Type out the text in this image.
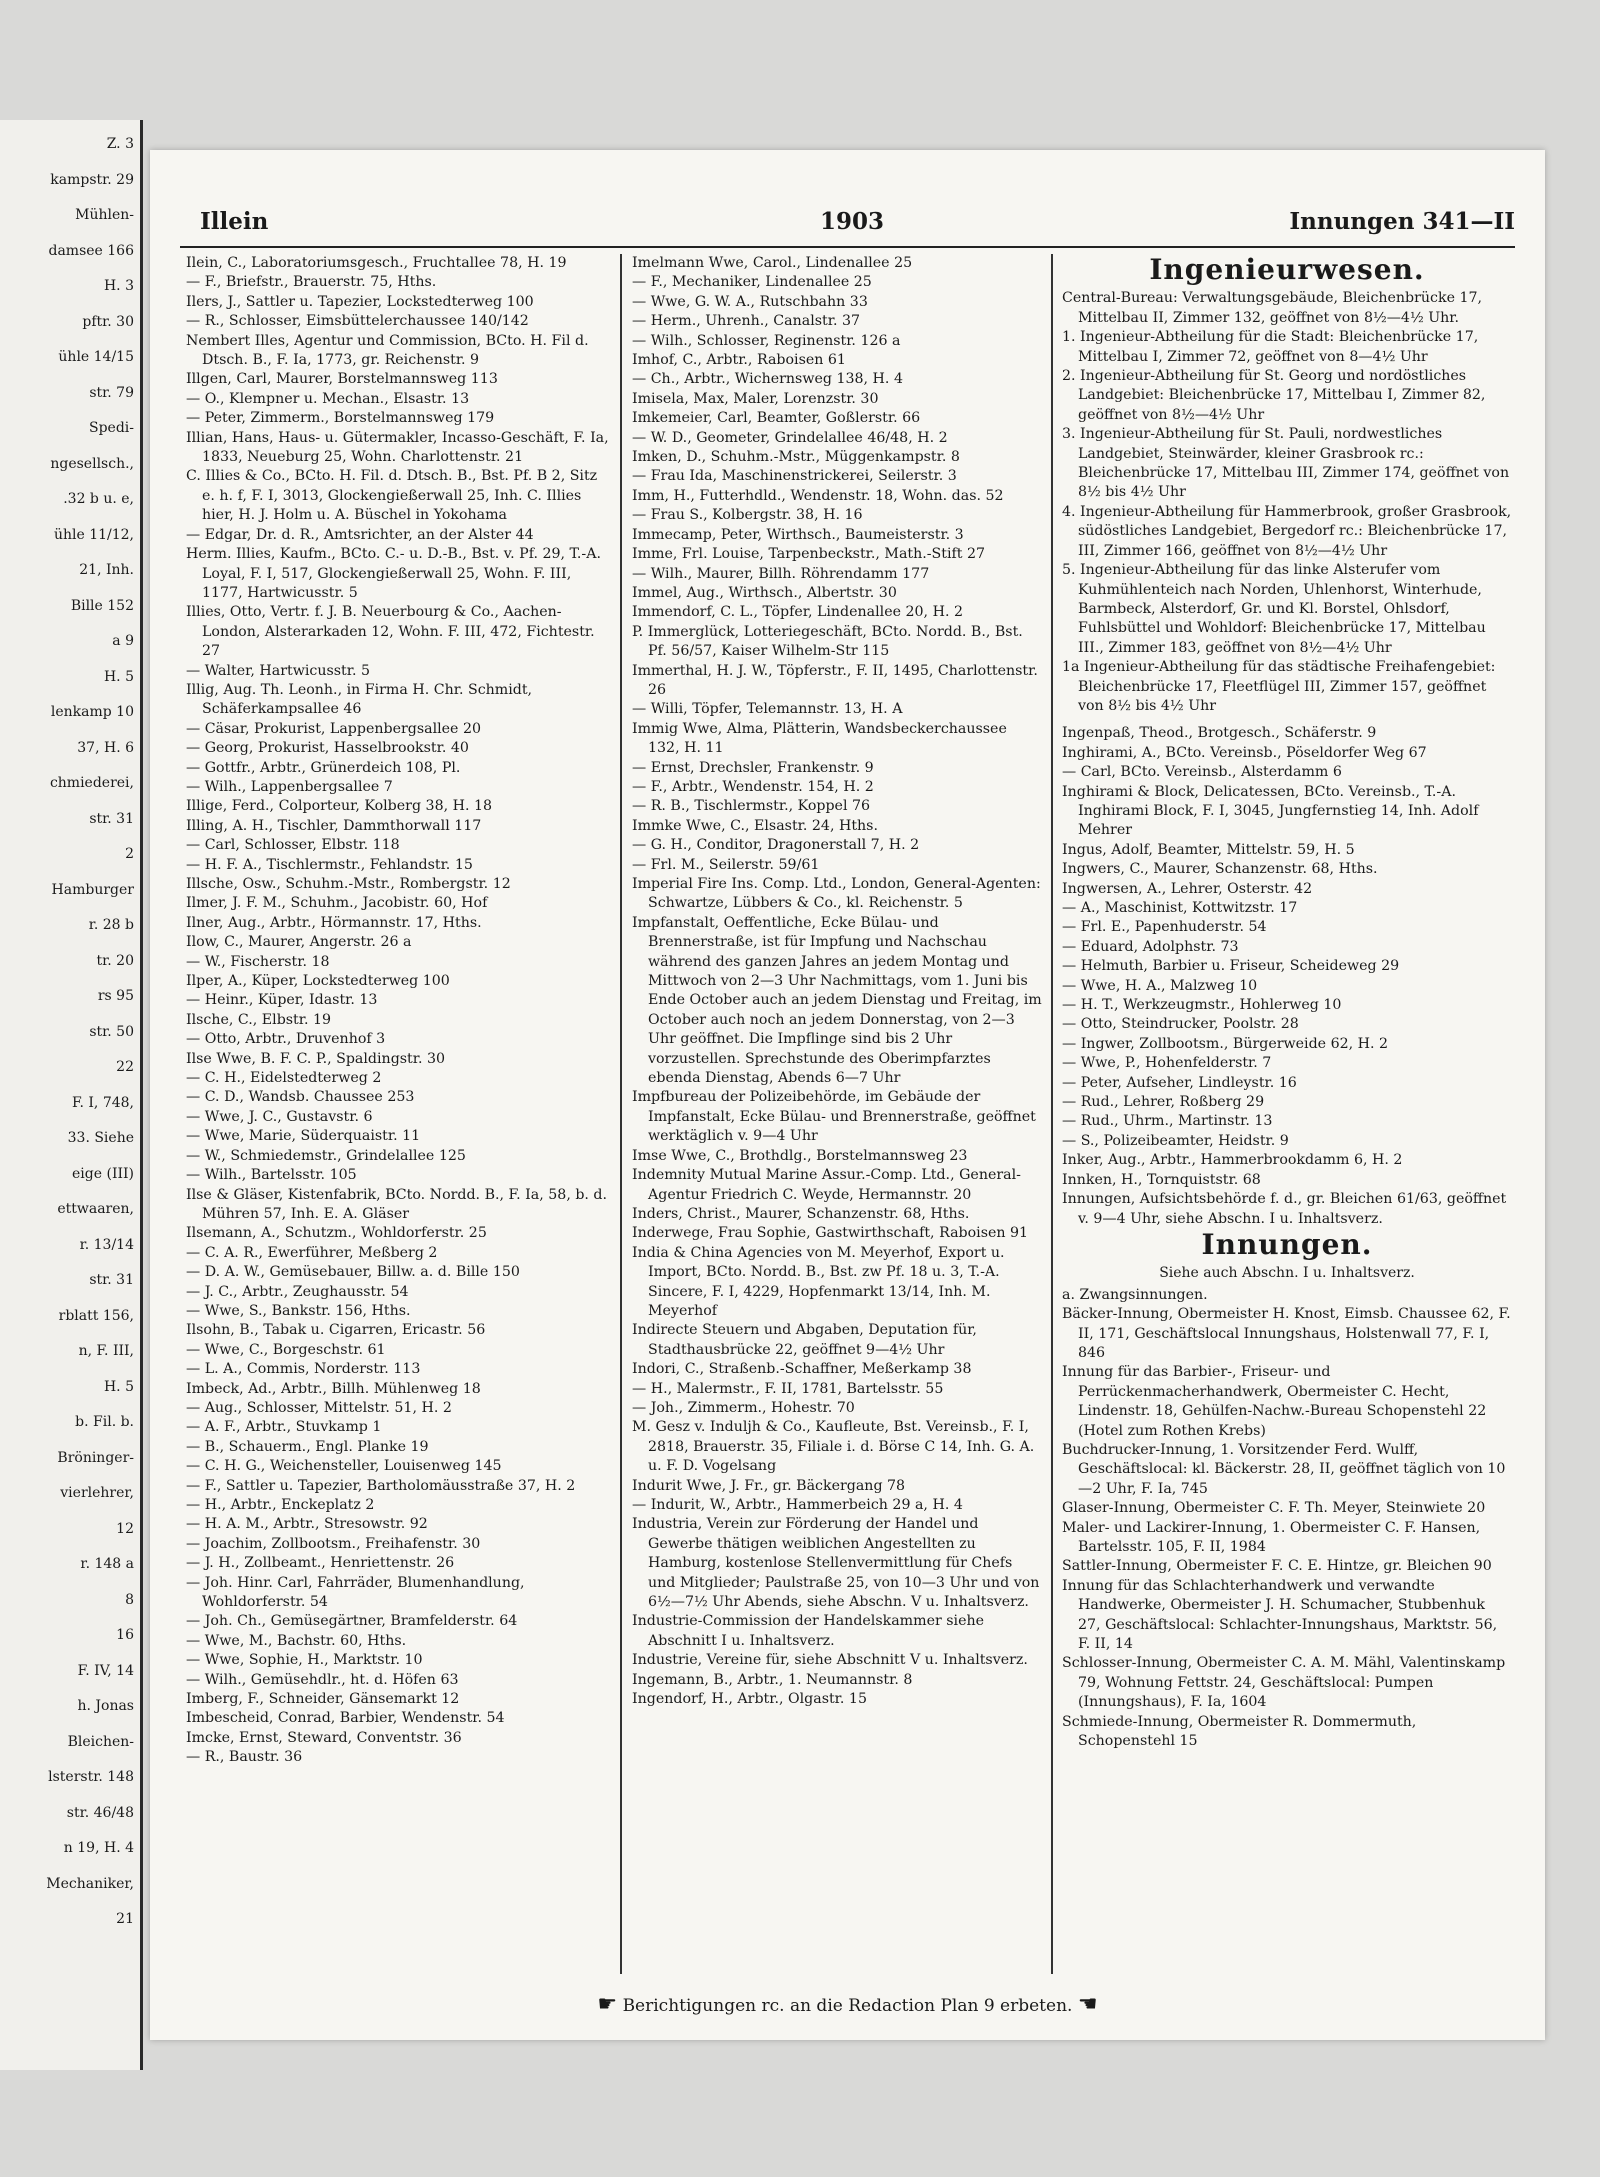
Z. 3

kampstr. 29

Mühlen-

damsee 166

H. 3

pftr. 30

ühle 14/15

str. 79

Spedi-

ngesellsch.,

.32 b u. e,

ühle 11/12,

21, Inh.

Bille 152

a 9

H. 5

lenkamp 10

37, H. 6

chmiederei,

str. 31

2

Hamburger

r. 28 b

tr. 20

rs 95

str. 50

22

F. I, 748,

33. Siehe

eige (III)

ettwaaren,

r. 13/14

str. 31

rblatt 156,

n, F. III,

H. 5

b. Fil. b.

Bröninger-

vierlehrer,

12

r. 148 a

8

16

F. IV, 14

h. Jonas

Bleichen-

lsterstr. 148

str. 46/48

n 19, H. 4

Mechaniker,

21

Illein	1903	Innungen 341—II

Ilein, C., Laboratoriumsgesch., Fruchtallee 78, H. 19

— F., Briefstr., Brauerstr. 75, Hths.

Ilers, J., Sattler u. Tapezier, Lockstedterweg 100

— R., Schlosser, Eimsbüttelerchaussee 140/142

Nembert Illes, Agentur und Commission, BCto. H. Fil d. Dtsch. B., F. Ia, 1773, gr. Reichenstr. 9

Illgen, Carl, Maurer, Borstelmannsweg 113

— O., Klempner u. Mechan., Elsastr. 13

— Peter, Zimmerm., Borstelmannsweg 179

Illian, Hans, Haus- u. Gütermakler, Incasso-Geschäft, F. Ia, 1833, Neueburg 25, Wohn. Charlottenstr. 21

C. Illies & Co., BCto. H. Fil. d. Dtsch. B., Bst. Pf. B 2, Sitz e. h. f, F. I, 3013, Glockengießerwall 25, Inh. C. Illies hier, H. J. Holm u. A. Büschel in Yokohama

— Edgar, Dr. d. R., Amtsrichter, an der Alster 44

Herm. Illies, Kaufm., BCto. C.- u. D.-B., Bst. v. Pf. 29, T.-A. Loyal, F. I, 517, Glockengießerwall 25, Wohn. F. III, 1177, Hartwicusstr. 5

Illies, Otto, Vertr. f. J. B. Neuerbourg & Co., Aachen-London, Alsterarkaden 12, Wohn. F. III, 472, Fichtestr. 27

— Walter, Hartwicusstr. 5

Illig, Aug. Th. Leonh., in Firma H. Chr. Schmidt, Schäferkampsallee 46

— Cäsar, Prokurist, Lappenbergsallee 20

— Georg, Prokurist, Hasselbrookstr. 40

— Gottfr., Arbtr., Grünerdeich 108, Pl.

— Wilh., Lappenbergsallee 7

Illige, Ferd., Colporteur, Kolberg 38, H. 18

Illing, A. H., Tischler, Dammthorwall 117

— Carl, Schlosser, Elbstr. 118

— H. F. A., Tischlermstr., Fehlandstr. 15

Illsche, Osw., Schuhm.-Mstr., Rombergstr. 12

Ilmer, J. F. M., Schuhm., Jacobistr. 60, Hof

Ilner, Aug., Arbtr., Hörmannstr. 17, Hths.

Ilow, C., Maurer, Angerstr. 26 a

— W., Fischerstr. 18

Ilper, A., Küper, Lockstedterweg 100

— Heinr., Küper, Idastr. 13

Ilsche, C., Elbstr. 19

— Otto, Arbtr., Druvenhof 3

Ilse Wwe, B. F. C. P., Spaldingstr. 30

— C. H., Eidelstedterweg 2

— C. D., Wandsb. Chaussee 253

— Wwe, J. C., Gustavstr. 6

— Wwe, Marie, Süderquaistr. 11

— W., Schmiedemstr., Grindelallee 125

— Wilh., Bartelsstr. 105

Ilse & Gläser, Kistenfabrik, BCto. Nordd. B., F. Ia, 58, b. d. Mühren 57, Inh. E. A. Gläser

Ilsemann, A., Schutzm., Wohldorferstr. 25

— C. A. R., Ewerführer, Meßberg 2

— D. A. W., Gemüsebauer, Billw. a. d. Bille 150

— J. C., Arbtr., Zeughausstr. 54

— Wwe, S., Bankstr. 156, Hths.

Ilsohn, B., Tabak u. Cigarren, Ericastr. 56

— Wwe, C., Borgeschstr. 61

— L. A., Commis, Norderstr. 113

Imbeck, Ad., Arbtr., Billh. Mühlenweg 18

— Aug., Schlosser, Mittelstr. 51, H. 2

— A. F., Arbtr., Stuvkamp 1

— B., Schauerm., Engl. Planke 19

— C. H. G., Weichensteller, Louisenweg 145

— F., Sattler u. Tapezier, Bartholomäusstraße 37, H. 2

— H., Arbtr., Enckeplatz 2

— H. A. M., Arbtr., Stresowstr. 92

— Joachim, Zollbootsm., Freihafenstr. 30

— J. H., Zollbeamt., Henriettenstr. 26

— Joh. Hinr. Carl, Fahrräder, Blumenhandlung, Wohldorferstr. 54

— Joh. Ch., Gemüsegärtner, Bramfelderstr. 64

— Wwe, M., Bachstr. 60, Hths.

— Wwe, Sophie, H., Marktstr. 10

— Wilh., Gemüsehdlr., ht. d. Höfen 63

Imberg, F., Schneider, Gänsemarkt 12

Imbescheid, Conrad, Barbier, Wendenstr. 54

Imcke, Ernst, Steward, Conventstr. 36

— R., Baustr. 36

Imelmann Wwe, Carol., Lindenallee 25

— F., Mechaniker, Lindenallee 25

— Wwe, G. W. A., Rutschbahn 33

— Herm., Uhrenh., Canalstr. 37

— Wilh., Schlosser, Reginenstr. 126 a

Imhof, C., Arbtr., Raboisen 61

— Ch., Arbtr., Wichernsweg 138, H. 4

Imisela, Max, Maler, Lorenzstr. 30

Imkemeier, Carl, Beamter, Goßlerstr. 66

— W. D., Geometer, Grindelallee 46/48, H. 2

Imken, D., Schuhm.-Mstr., Müggenkampstr. 8

— Frau Ida, Maschinenstrickerei, Seilerstr. 3

Imm, H., Futterhdld., Wendenstr. 18, Wohn. das. 52

— Frau S., Kolbergstr. 38, H. 16

Immecamp, Peter, Wirthsch., Baumeisterstr. 3

Imme, Frl. Louise, Tarpenbeckstr., Math.-Stift 27

— Wilh., Maurer, Billh. Röhrendamm 177

Immel, Aug., Wirthsch., Albertstr. 30

Immendorf, C. L., Töpfer, Lindenallee 20, H. 2

P. Immerglück, Lotteriegeschäft, BCto. Nordd. B., Bst. Pf. 56/57, Kaiser Wilhelm-Str 115

Immerthal, H. J. W., Töpferstr., F. II, 1495, Charlottenstr. 26

— Willi, Töpfer, Telemannstr. 13, H. A

Immig Wwe, Alma, Plätterin, Wandsbeckerchaussee 132, H. 11

— Ernst, Drechsler, Frankenstr. 9

— F., Arbtr., Wendenstr. 154, H. 2

— R. B., Tischlermstr., Koppel 76

Immke Wwe, C., Elsastr. 24, Hths.

— G. H., Conditor, Dragonerstall 7, H. 2

— Frl. M., Seilerstr. 59/61

Imperial Fire Ins. Comp. Ltd., London, General-Agenten: Schwartze, Lübbers & Co., kl. Reichenstr. 5

Impfanstalt, Oeffentliche, Ecke Bülau- und Brennerstraße, ist für Impfung und Nachschau während des ganzen Jahres an jedem Montag und Mittwoch von 2—3 Uhr Nachmittags, vom 1. Juni bis Ende October auch an jedem Dienstag und Freitag, im October auch noch an jedem Donnerstag, von 2—3 Uhr geöffnet. Die Impflinge sind bis 2 Uhr vorzustellen. Sprechstunde des Oberimpfarztes ebenda Dienstag, Abends 6—7 Uhr

Impfbureau der Polizeibehörde, im Gebäude der Impfanstalt, Ecke Bülau- und Brennerstraße, geöffnet werktäglich v. 9—4 Uhr

Imse Wwe, C., Brothdlg., Borstelmannsweg 23

Indemnity Mutual Marine Assur.-Comp. Ltd., General-Agentur Friedrich C. Weyde, Hermannstr. 20

Inders, Christ., Maurer, Schanzenstr. 68, Hths.

Inderwege, Frau Sophie, Gastwirthschaft, Raboisen 91

India & China Agencies von M. Meyerhof, Export u. Import, BCto. Nordd. B., Bst. zw Pf. 18 u. 3, T.-A. Sincere, F. I, 4229, Hopfenmarkt 13/14, Inh. M. Meyerhof

Indirecte Steuern und Abgaben, Deputation für, Stadthausbrücke 22, geöffnet 9—4½ Uhr

Indori, C., Straßenb.-Schaffner, Meßerkamp 38

— H., Malermstr., F. II, 1781, Bartelsstr. 55

— Joh., Zimmerm., Hohestr. 70

M. Gesz v. Induljh & Co., Kaufleute, Bst. Vereinsb., F. I, 2818, Brauerstr. 35, Filiale i. d. Börse C 14, Inh. G. A. u. F. D. Vogelsang

Indurit Wwe, J. Fr., gr. Bäckergang 78

— Indurit, W., Arbtr., Hammerbeich 29 a, H. 4

Industria, Verein zur Förderung der Handel und Gewerbe thätigen weiblichen Angestellten zu Hamburg, kostenlose Stellenvermittlung für Chefs und Mitglieder; Paulstraße 25, von 10—3 Uhr und von 6½—7½ Uhr Abends, siehe Abschn. V u. Inhaltsverz.

Industrie-Commission der Handelskammer siehe Abschnitt I u. Inhaltsverz.

Industrie, Vereine für, siehe Abschnitt V u. Inhaltsverz.

Ingemann, B., Arbtr., 1. Neumannstr. 8

Ingendorf, H., Arbtr., Olgastr. 15

Ingenieurwesen.

Central-Bureau: Verwaltungsgebäude, Bleichenbrücke 17, Mittelbau II, Zimmer 132, geöffnet von 8½—4½ Uhr.

1. Ingenieur-Abtheilung für die Stadt: Bleichenbrücke 17, Mittelbau I, Zimmer 72, geöffnet von 8—4½ Uhr

2. Ingenieur-Abtheilung für St. Georg und nordöstliches Landgebiet: Bleichenbrücke 17, Mittelbau I, Zimmer 82, geöffnet von 8½—4½ Uhr

3. Ingenieur-Abtheilung für St. Pauli, nordwestliches Landgebiet, Steinwärder, kleiner Grasbrook rc.: Bleichenbrücke 17, Mittelbau III, Zimmer 174, geöffnet von 8½ bis 4½ Uhr

4. Ingenieur-Abtheilung für Hammerbrook, großer Grasbrook, südöstliches Landgebiet, Bergedorf rc.: Bleichenbrücke 17, III, Zimmer 166, geöffnet von 8½—4½ Uhr

5. Ingenieur-Abtheilung für das linke Alsterufer vom Kuhmühlenteich nach Norden, Uhlenhorst, Winterhude, Barmbeck, Alsterdorf, Gr. und Kl. Borstel, Ohlsdorf, Fuhlsbüttel und Wohldorf: Bleichenbrücke 17, Mittelbau III., Zimmer 183, geöffnet von 8½—4½ Uhr

1a Ingenieur-Abtheilung für das städtische Freihafengebiet: Bleichenbrücke 17, Fleetflügel III, Zimmer 157, geöffnet von 8½ bis 4½ Uhr

Ingenpaß, Theod., Brotgesch., Schäferstr. 9

Inghirami, A., BCto. Vereinsb., Pöseldorfer Weg 67

— Carl, BCto. Vereinsb., Alsterdamm 6

Inghirami & Block, Delicatessen, BCto. Vereinsb., T.-A. Inghirami Block, F. I, 3045, Jungfernstieg 14, Inh. Adolf Mehrer

Ingus, Adolf, Beamter, Mittelstr. 59, H. 5

Ingwers, C., Maurer, Schanzenstr. 68, Hths.

Ingwersen, A., Lehrer, Osterstr. 42

— A., Maschinist, Kottwitzstr. 17

— Frl. E., Papenhuderstr. 54

— Eduard, Adolphstr. 73

— Helmuth, Barbier u. Friseur, Scheideweg 29

— Wwe, H. A., Malzweg 10

— H. T., Werkzeugmstr., Hohlerweg 10

— Otto, Steindrucker, Poolstr. 28

— Ingwer, Zollbootsm., Bürgerweide 62, H. 2

— Wwe, P., Hohenfelderstr. 7

— Peter, Aufseher, Lindleystr. 16

— Rud., Lehrer, Roßberg 29

— Rud., Uhrm., Martinstr. 13

— S., Polizeibeamter, Heidstr. 9

Inker, Aug., Arbtr., Hammerbrookdamm 6, H. 2

Innken, H., Tornquiststr. 68

Innungen, Aufsichtsbehörde f. d., gr. Bleichen 61/63, geöffnet v. 9—4 Uhr, siehe Abschn. I u. Inhaltsverz.

Innungen.
Siehe auch Abschn. I u. Inhaltsverz.

a. Zwangsinnungen.

Bäcker-Innung, Obermeister H. Knost, Eimsb. Chaussee 62, F. II, 171, Geschäftslocal Innungshaus, Holstenwall 77, F. I, 846

Innung für das Barbier-, Friseur- und Perrückenmacherhandwerk, Obermeister C. Hecht, Lindenstr. 18, Gehülfen-Nachw.-Bureau Schopenstehl 22 (Hotel zum Rothen Krebs)

Buchdrucker-Innung, 1. Vorsitzender Ferd. Wulff, Geschäftslocal: kl. Bäckerstr. 28, II, geöffnet täglich von 10—2 Uhr, F. Ia, 745

Glaser-Innung, Obermeister C. F. Th. Meyer, Steinwiete 20

Maler- und Lackirer-Innung, 1. Obermeister C. F. Hansen, Bartelsstr. 105, F. II, 1984

Sattler-Innung, Obermeister F. C. E. Hintze, gr. Bleichen 90

Innung für das Schlachterhandwerk und verwandte Handwerke, Obermeister J. H. Schumacher, Stubbenhuk 27, Geschäftslocal: Schlachter-Innungshaus, Marktstr. 56, F. II, 14

Schlosser-Innung, Obermeister C. A. M. Mähl, Valentinskamp 79, Wohnung Fettstr. 24, Geschäftslocal: Pumpen (Innungshaus), F. Ia, 1604

Schmiede-Innung, Obermeister R. Dommermuth, Schopenstehl 15

☛ Berichtigungen rc. an die Redaction Plan 9 erbeten. ☚
